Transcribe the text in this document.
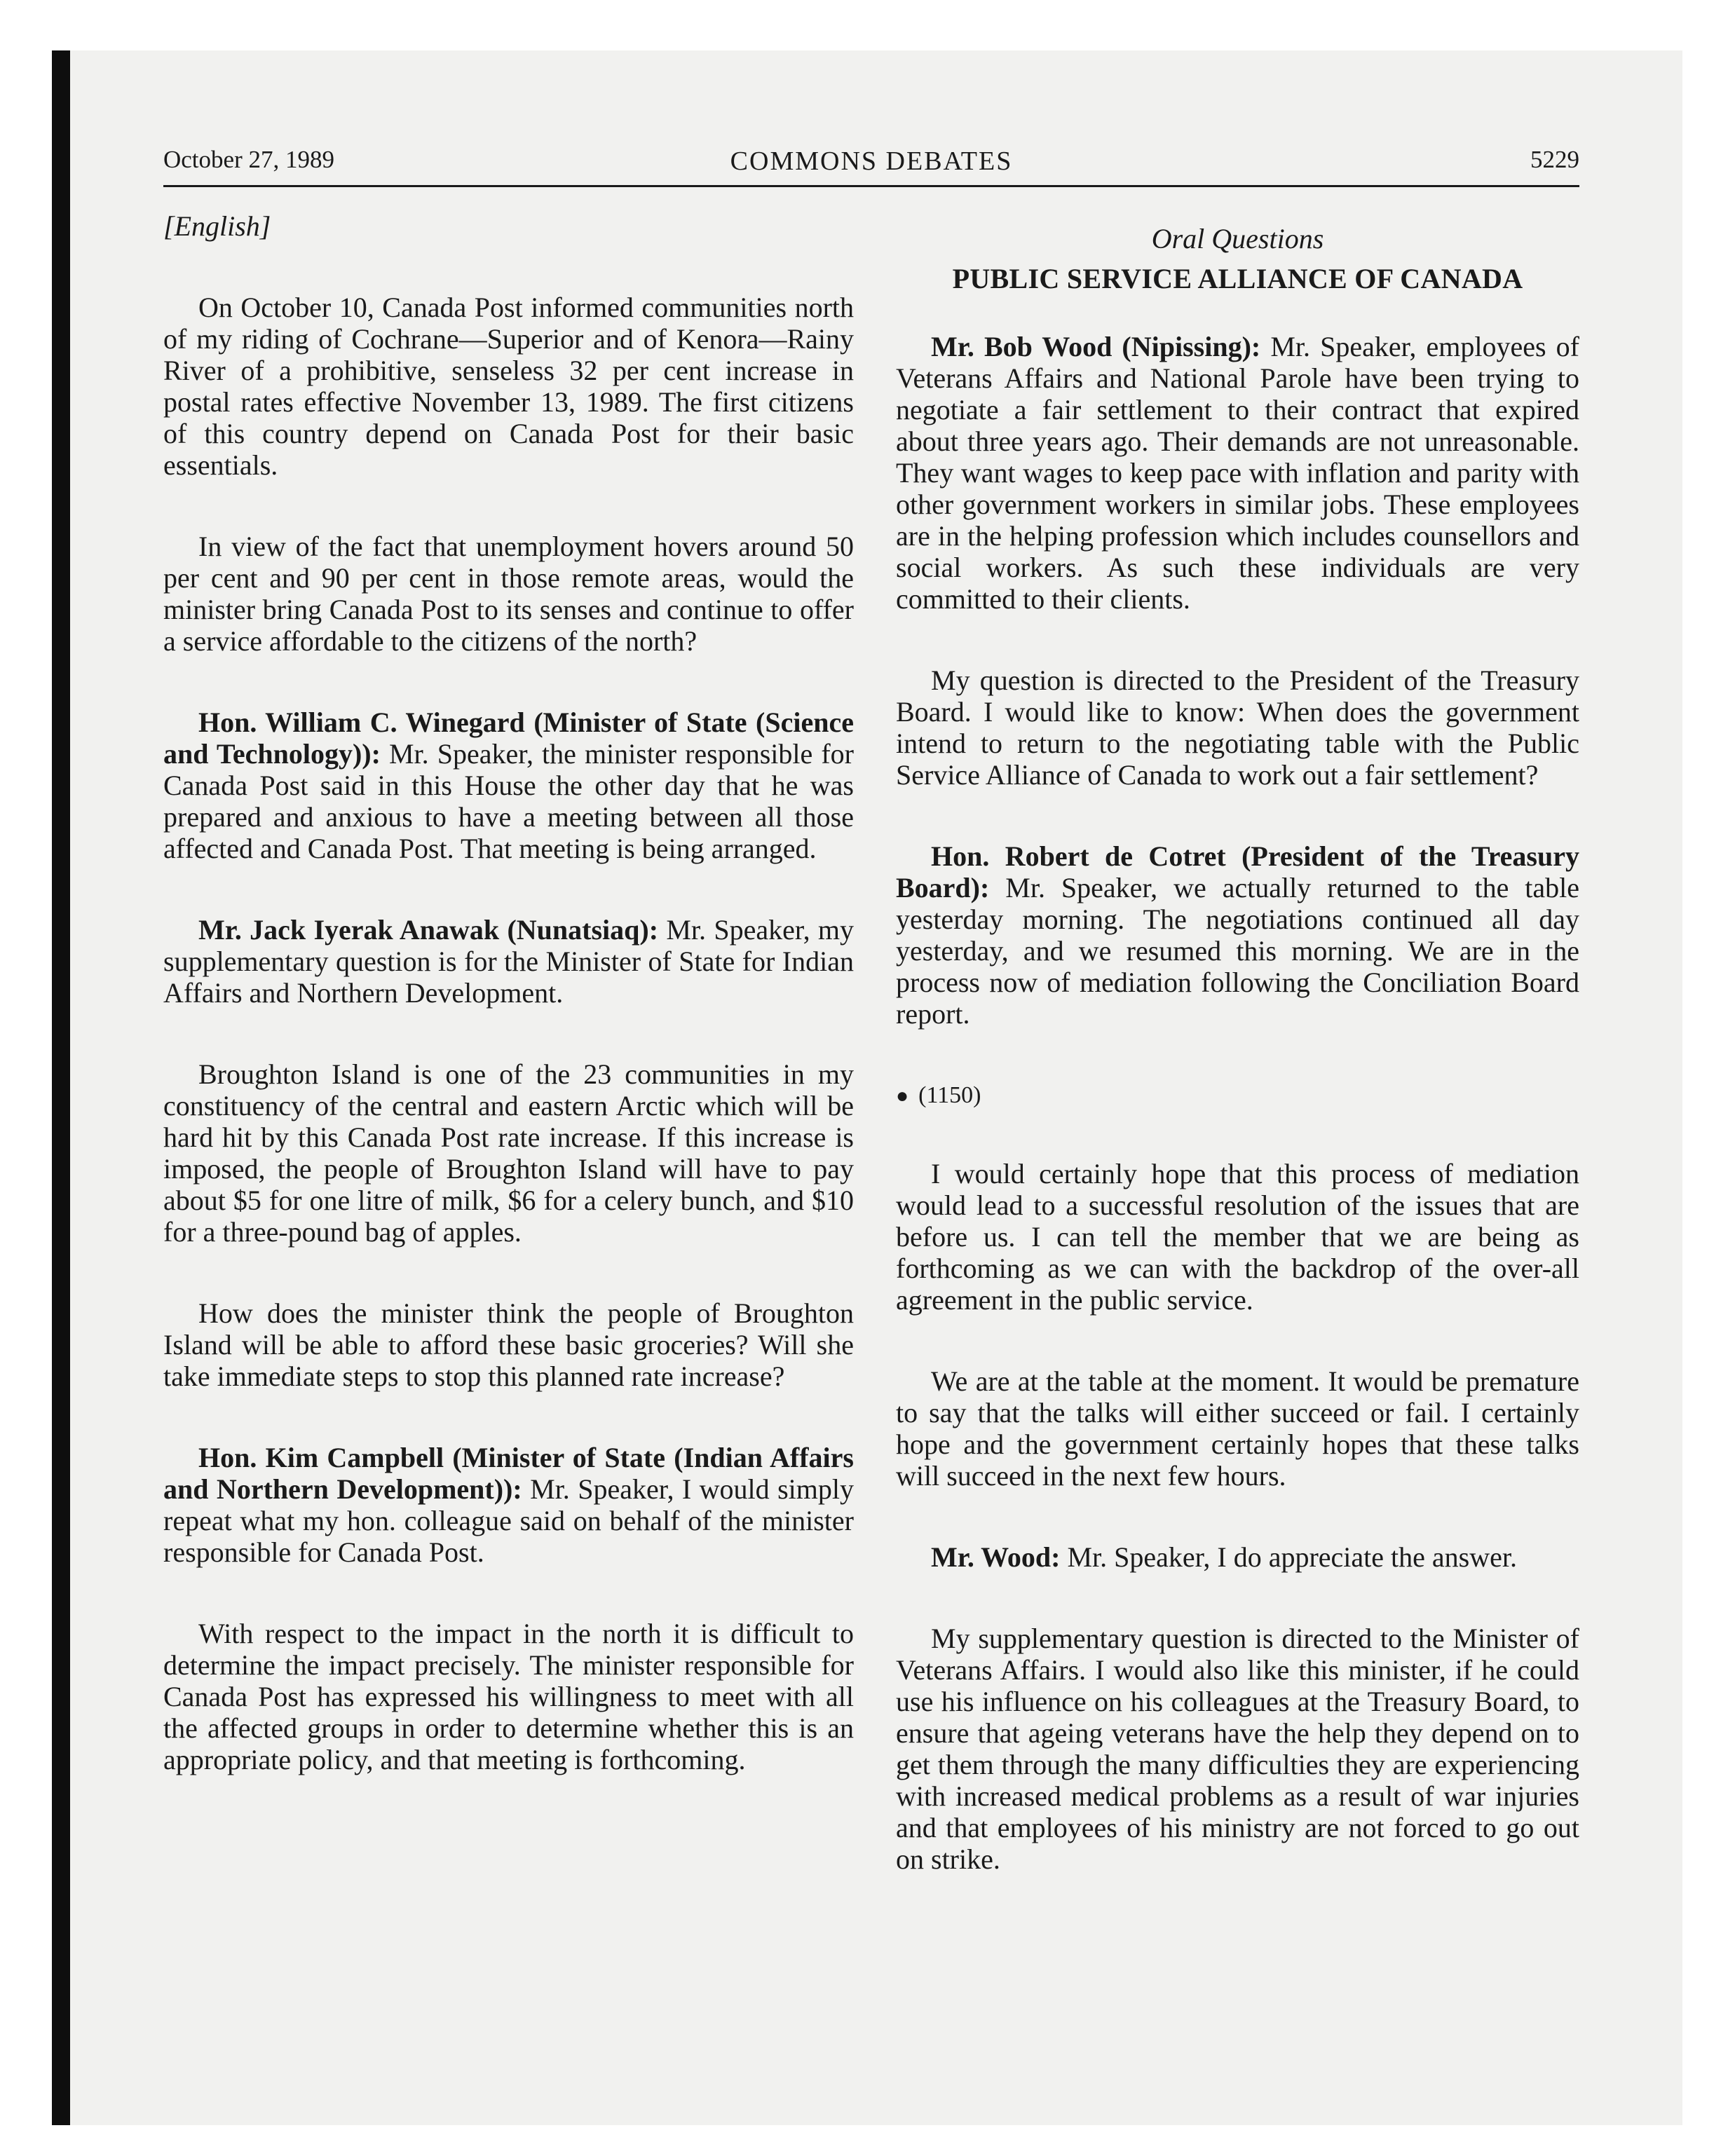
October 27, 1989	COMMONS DEBATES	5229

[English]

On October 10, Canada Post informed communities north of my riding of Cochrane—Superior and of Kenora—Rainy River of a prohibitive, senseless 32 per cent increase in postal rates effective November 13, 1989. The first citizens of this country depend on Canada Post for their basic essentials.

In view of the fact that unemployment hovers around 50 per cent and 90 per cent in those remote areas, would the minister bring Canada Post to its senses and continue to offer a service affordable to the citizens of the north?

Hon. William C. Winegard (Minister of State (Science and Technology)): Mr. Speaker, the minister responsible for Canada Post said in this House the other day that he was prepared and anxious to have a meeting between all those affected and Canada Post. That meeting is being arranged.

Mr. Jack Iyerak Anawak (Nunatsiaq): Mr. Speaker, my supplementary question is for the Minister of State for Indian Affairs and Northern Development.

Broughton Island is one of the 23 communities in my constituency of the central and eastern Arctic which will be hard hit by this Canada Post rate increase. If this increase is imposed, the people of Broughton Island will have to pay about $5 for one litre of milk, $6 for a celery bunch, and $10 for a three-pound bag of apples.

How does the minister think the people of Broughton Island will be able to afford these basic groceries? Will she take immediate steps to stop this planned rate increase?

Hon. Kim Campbell (Minister of State (Indian Affairs and Northern Development)): Mr. Speaker, I would simply repeat what my hon. colleague said on behalf of the minister responsible for Canada Post.

With respect to the impact in the north it is difficult to determine the impact precisely. The minister responsible for Canada Post has expressed his willingness to meet with all the affected groups in order to determine whether this is an appropriate policy, and that meeting is forthcoming.

Oral Questions
PUBLIC SERVICE ALLIANCE OF CANADA

Mr. Bob Wood (Nipissing): Mr. Speaker, employees of Veterans Affairs and National Parole have been trying to negotiate a fair settlement to their contract that expired about three years ago. Their demands are not unreasonable. They want wages to keep pace with inflation and parity with other government workers in similar jobs. These employees are in the helping profession which includes counsellors and social workers. As such these individuals are very committed to their clients.

My question is directed to the President of the Treasury Board. I would like to know: When does the government intend to return to the negotiating table with the Public Service Alliance of Canada to work out a fair settlement?

Hon. Robert de Cotret (President of the Treasury Board): Mr. Speaker, we actually returned to the table yesterday morning. The negotiations continued all day yesterday, and we resumed this morning. We are in the process now of mediation following the Conciliation Board report.

● (1150)

I would certainly hope that this process of mediation would lead to a successful resolution of the issues that are before us. I can tell the member that we are being as forthcoming as we can with the backdrop of the over-all agreement in the public service.

We are at the table at the moment. It would be premature to say that the talks will either succeed or fail. I certainly hope and the government certainly hopes that these talks will succeed in the next few hours.

Mr. Wood: Mr. Speaker, I do appreciate the answer.

My supplementary question is directed to the Minister of Veterans Affairs. I would also like this minister, if he could use his influence on his colleagues at the Treasury Board, to ensure that ageing veterans have the help they depend on to get them through the many difficulties they are experiencing with increased medical problems as a result of war injuries and that employees of his ministry are not forced to go out on strike.
